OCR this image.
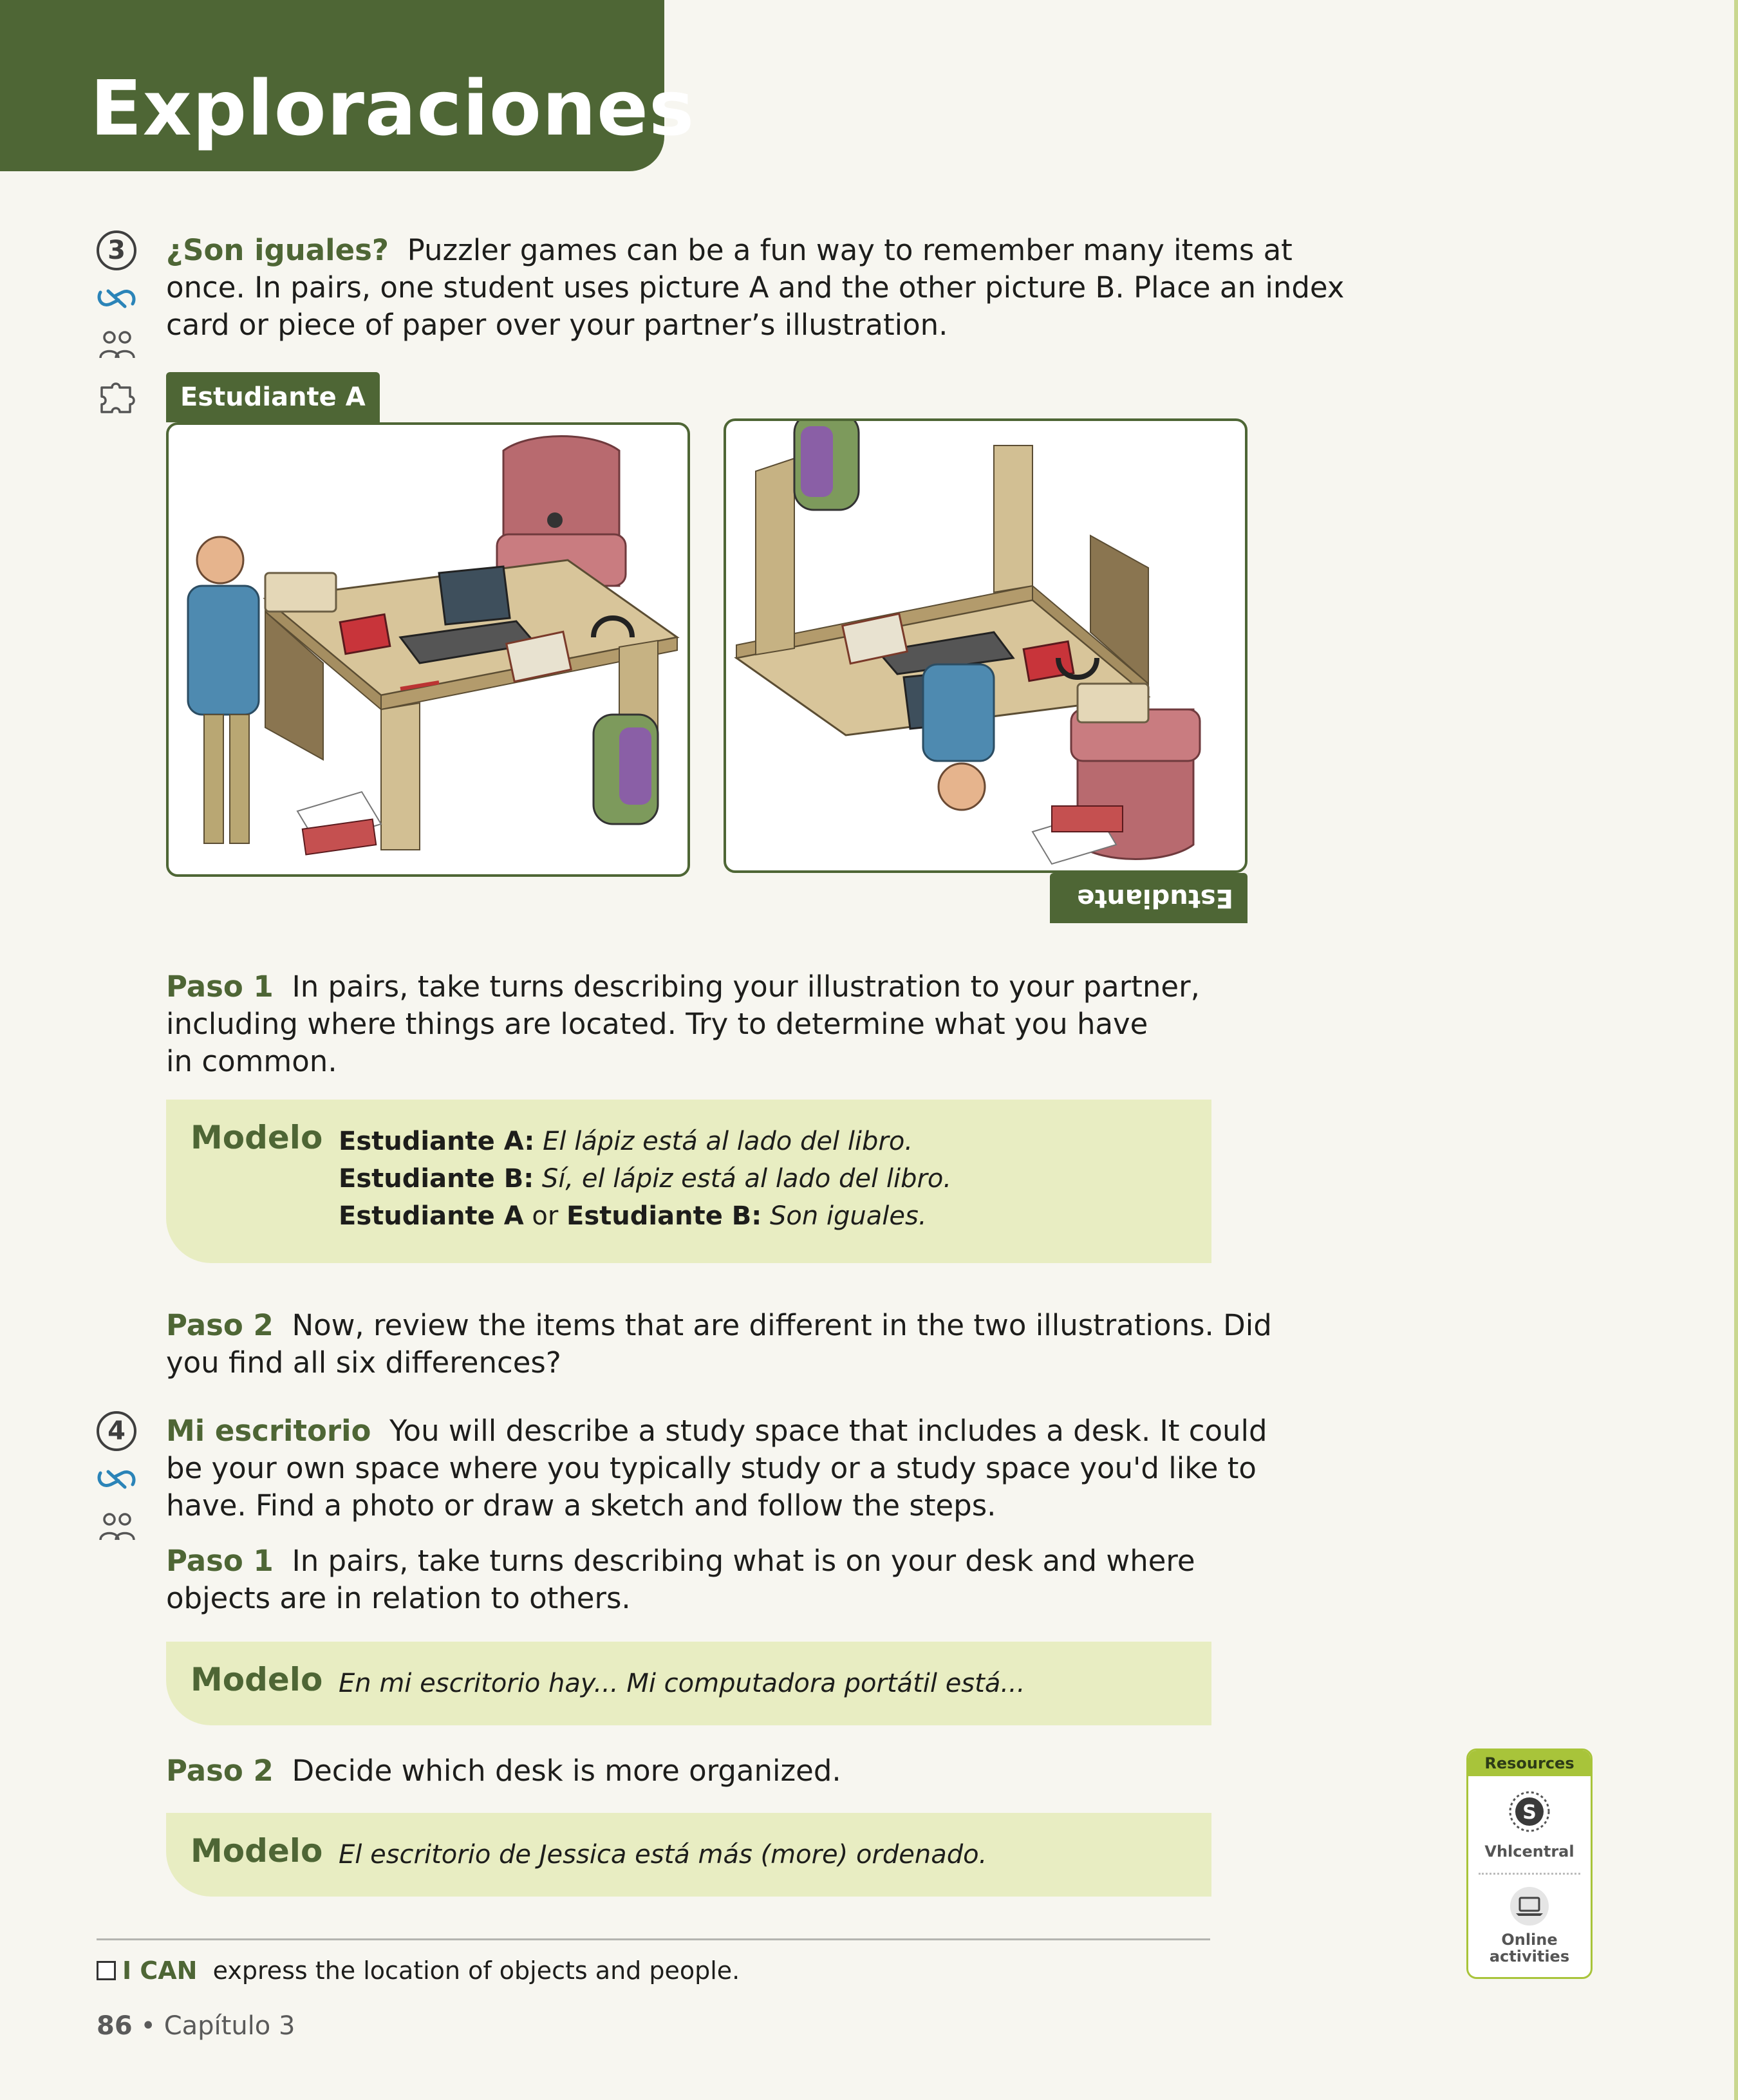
Exploraciones
3	¿Son iguales? Puzzler games can be a fun way to remember many items at
once. In pairs, one student uses picture A and the other picture B. Place an index
card or piece of paper over your partner’s illustration.
Estudiante A
Estudiante B
Paso 1 In pairs, take turns describing your illustration to your partner,
including where things are located. Try to determine what you have
in common.
Modelo Estudiante A: El lápiz está al lado del libro.
Estudiante B: Sí, el lápiz está al lado del libro.
Estudiante A or Estudiante B: Son iguales.
Paso 2 Now, review the items that are different in the two illustrations. Did
you find all six differences?
4	Mi escritorio You will describe a study space that includes a desk. It could
be your own space where you typically study or a study space you'd like to
have. Find a photo or draw a sketch and follow the steps.
Paso 1 In pairs, take turns describing what is on your desk and where
objects are in relation to others.
Modelo En mi escritorio hay... Mi computadora portátil está...
Paso 2 Decide which desk is more organized.
Modelo El escritorio de Jessica está más (more) ordenado.
I CAN express the location of objects and people.
86 • Capítulo 3
Resources
S
Vhlcentral
Online
activities
